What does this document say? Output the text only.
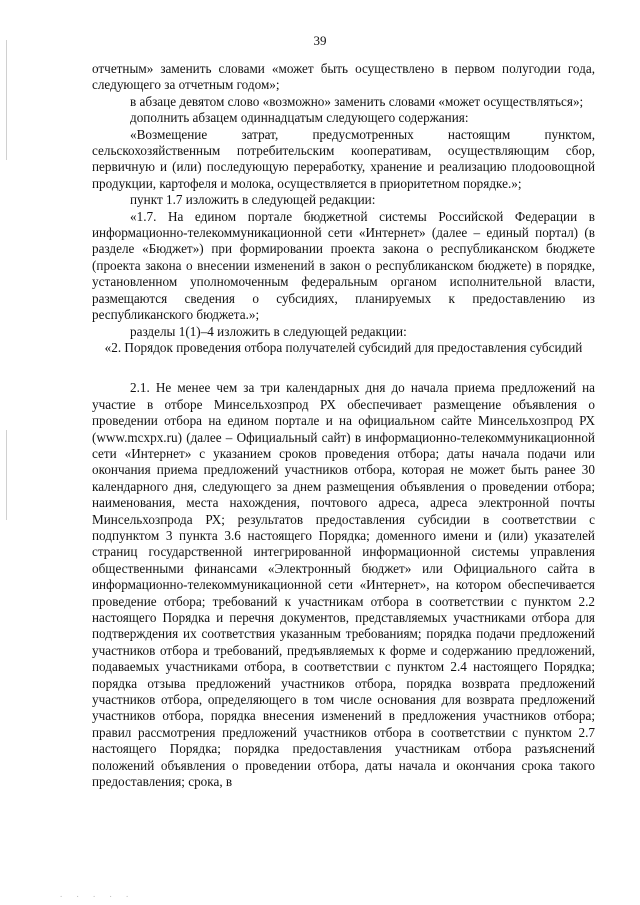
39

отчетным» заменить словами «может быть осуществлено в первом полугодии года, следующего за отчетным годом»;

в абзаце девятом слово «возможно» заменить словами «может осуществляться»;

дополнить абзацем одиннадцатым следующего содержания:

«Возмещение затрат, предусмотренных настоящим пунктом, сельскохозяйственным потребительским кооперативам, осуществляющим сбор, первичную и (или) последующую переработку, хранение и реализацию плодоовощной продукции, картофеля и молока, осуществляется в приоритетном порядке.»;

пункт 1.7 изложить в следующей редакции:

«1.7. На едином портале бюджетной системы Российской Федерации в информационно-телекоммуникационной сети «Интернет» (далее – единый портал) (в разделе «Бюджет») при формировании проекта закона о республиканском бюджете (проекта закона о внесении изменений в закон о республиканском бюджете) в порядке, установленном уполномоченным федеральным органом исполнительной власти, размещаются сведения о субсидиях, планируемых к предоставлению из республиканского бюджета.»;

разделы 1(1)–4 изложить в следующей редакции:

«2. Порядок проведения отбора получателей субсидий для предоставления субсидий

2.1. Не менее чем за три календарных дня до начала приема предложений на участие в отборе Минсельхозпрод РХ обеспечивает размещение объявления о проведении отбора на едином портале и на официальном сайте Минсельхозпрод РХ (www.mcxpx.ru) (далее – Официальный сайт) в информационно-телекоммуникационной сети «Интернет» с указанием сроков проведения отбора; даты начала подачи или окончания приема предложений участников отбора, которая не может быть ранее 30 календарного дня, следующего за днем размещения объявления о проведении отбора; наименования, места нахождения, почтового адреса, адреса электронной почты Минсельхозпрода РХ; результатов предоставления субсидии в соответствии с подпунктом 3 пункта 3.6 настоящего Порядка; доменного имени и (или) указателей страниц государственной интегрированной информационной системы управления общественными финансами «Электронный бюджет» или Официального сайта в информационно-телекоммуникационной сети «Интернет», на котором обеспечивается проведение отбора; требований к участникам отбора в соответствии с пунктом 2.2 настоящего Порядка и перечня документов, представляемых участниками отбора для подтверждения их соответствия указанным требованиям; порядка подачи предложений участников отбора и требований, предъявляемых к форме и содержанию предложений, подаваемых участниками отбора, в соответствии с пунктом 2.4 настоящего Порядка; порядка отзыва предложений участников отбора, порядка возврата предложений участников отбора, определяющего в том числе основания для возврата предложений участников отбора, порядка внесения изменений в предложения участников отбора; правил рассмотрения предложений участников отбора в соответствии с пунктом 2.7 настоящего Порядка; порядка предоставления участникам отбора разъяснений положений объявления о проведении отбора, даты начала и окончания срока такого предоставления; срока, в

. . . . .
